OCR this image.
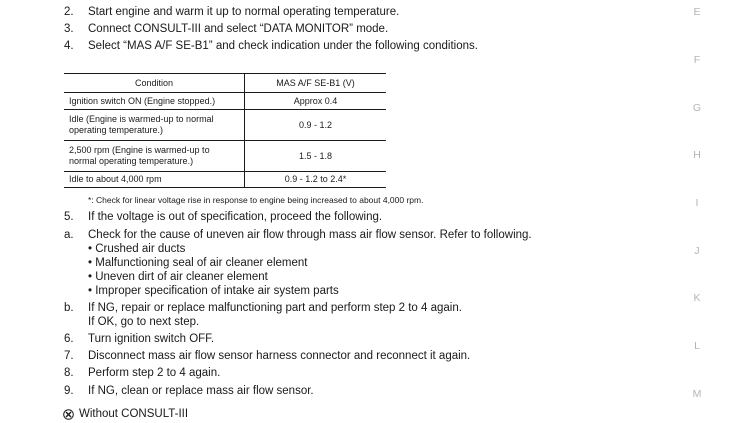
2. Start engine and warm it up to normal operating temperature.
3. Connect CONSULT-III and select “DATA MONITOR” mode.
4. Select “MAS A/F SE-B1” and check indication under the following conditions.
Condition	MAS A/F SE-B1 (V)
Ignition switch ON (Engine stopped.)	Approx 0.4
Idle (Engine is warmed-up to normal operating temperature.)	0.9 - 1.2
2,500 rpm (Engine is warmed-up to normal operating temperature.)	1.5 - 1.8
Idle to about 4,000 rpm	0.9 - 1.2 to 2.4*
*: Check for linear voltage rise in response to engine being increased to about 4,000 rpm.
5. If the voltage is out of specification, proceed the following.
a. Check for the cause of uneven air flow through mass air flow sensor. Refer to following.
• Crushed air ducts
• Malfunctioning seal of air cleaner element
• Uneven dirt of air cleaner element
• Improper specification of intake air system parts
b. If NG, repair or replace malfunctioning part and perform step 2 to 4 again.
If OK, go to next step.
6. Turn ignition switch OFF.
7. Disconnect mass air flow sensor harness connector and reconnect it again.
8. Perform step 2 to 4 again.
9. If NG, clean or replace mass air flow sensor.
Without CONSULT-III
E
F
G
H
I
J
K
L
M
